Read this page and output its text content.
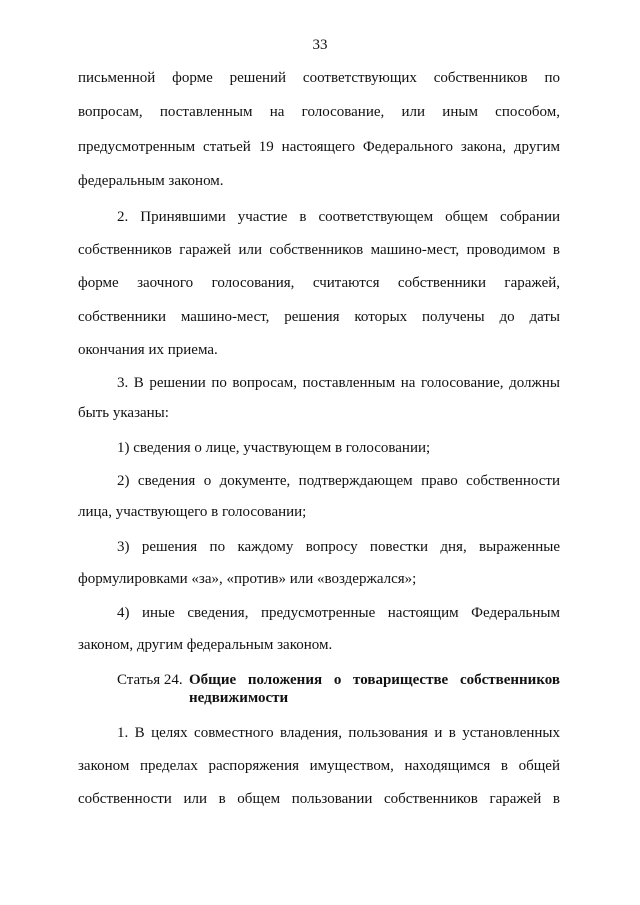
33
письменной форме решений соответствующих собственников по
вопросам, поставленным на голосование, или иным способом,
предусмотренным статьей 19 настоящего Федерального закона, другим
федеральным законом.
2. Принявшими участие в соответствующем общем собрании
собственников гаражей или собственников машино-мест, проводимом в
форме заочного голосования, считаются собственники гаражей,
собственники машино-мест, решения которых получены до даты
окончания их приема.
3. В решении по вопросам, поставленным на голосование, должны
быть указаны:
1) сведения о лице, участвующем в голосовании;
2) сведения о документе, подтверждающем право собственности
лица, участвующего в голосовании;
3) решения по каждому вопросу повестки дня, выраженные
формулировками «за», «против» или «воздержался»;
4) иные сведения, предусмотренные настоящим Федеральным
законом, другим федеральным законом.
Статья 24. Общие положения о товариществе собственников
недвижимости
1. В целях совместного владения, пользования и в установленных
законом пределах распоряжения имуществом, находящимся в общей
собственности или в общем пользовании собственников гаражей в
